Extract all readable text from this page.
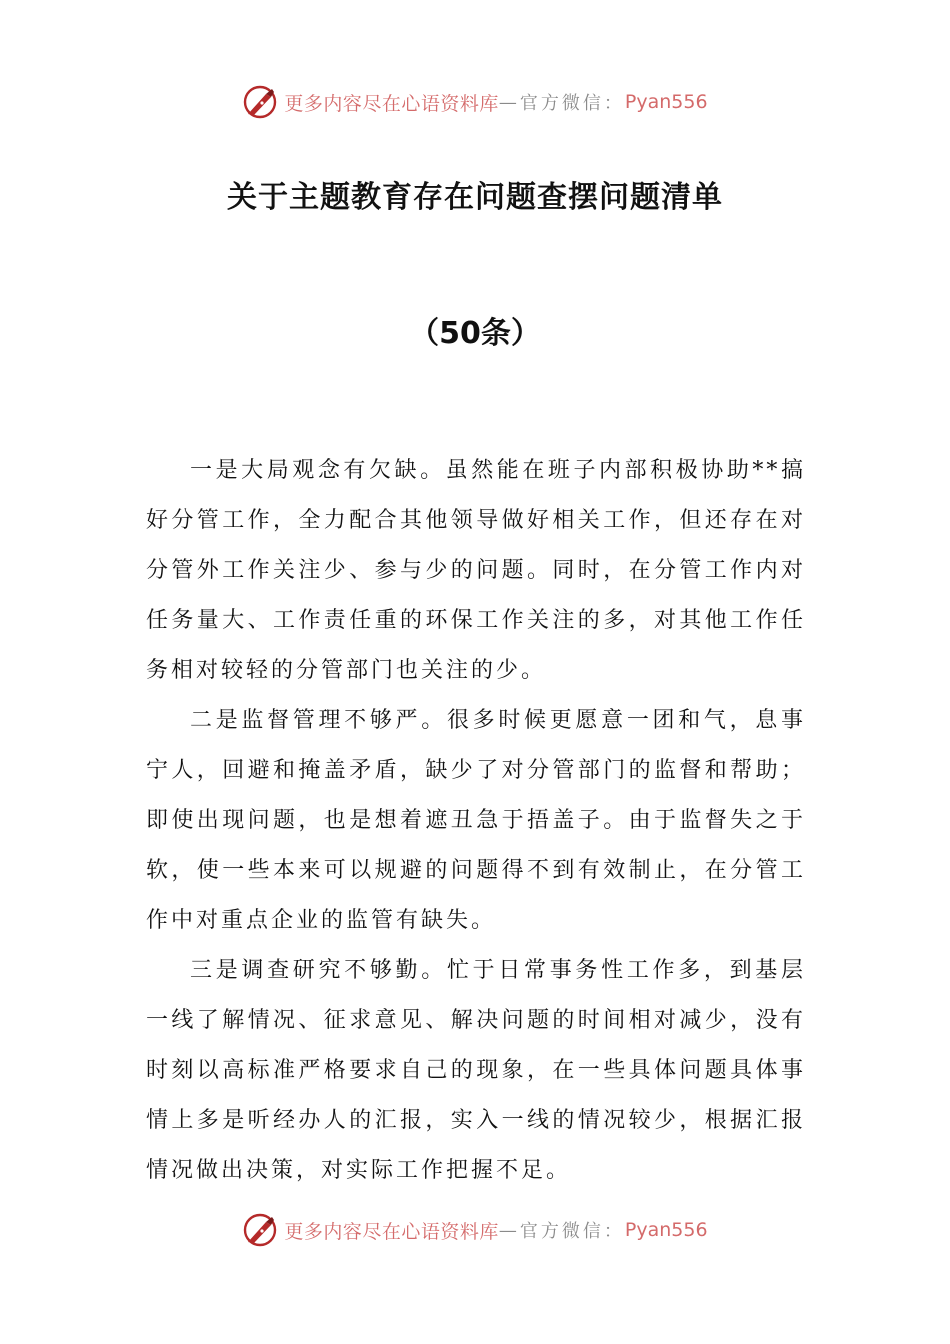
更多内容尽在心语资料库 — 官方微信： Pyan556
关于主题教育存在问题查摆问题清单
（50条）

一是大局观念有欠缺。虽然能在班子内部积极协助**搞好分管工作，全力配合其他领导做好相关工作，但还存在对分管外工作关注少、参与少的问题。同时，在分管工作内对任务量大、工作责任重的环保工作关注的多，对其他工作任务相对较轻的分管部门也关注的少。

二是监督管理不够严。很多时候更愿意一团和气，息事宁人，回避和掩盖矛盾，缺少了对分管部门的监督和帮助；即使出现问题，也是想着遮丑急于捂盖子。由于监督失之于软，使一些本来可以规避的问题得不到有效制止，在分管工作中对重点企业的监管有缺失。

三是调查研究不够勤。忙于日常事务性工作多，到基层一线了解情况、征求意见、解决问题的时间相对减少，没有时刻以高标准严格要求自己的现象，在一些具体问题具体事情上多是听经办人的汇报，实入一线的情况较少，根据汇报情况做出决策，对实际工作把握不足。

更多内容尽在心语资料库 — 官方微信： Pyan556
